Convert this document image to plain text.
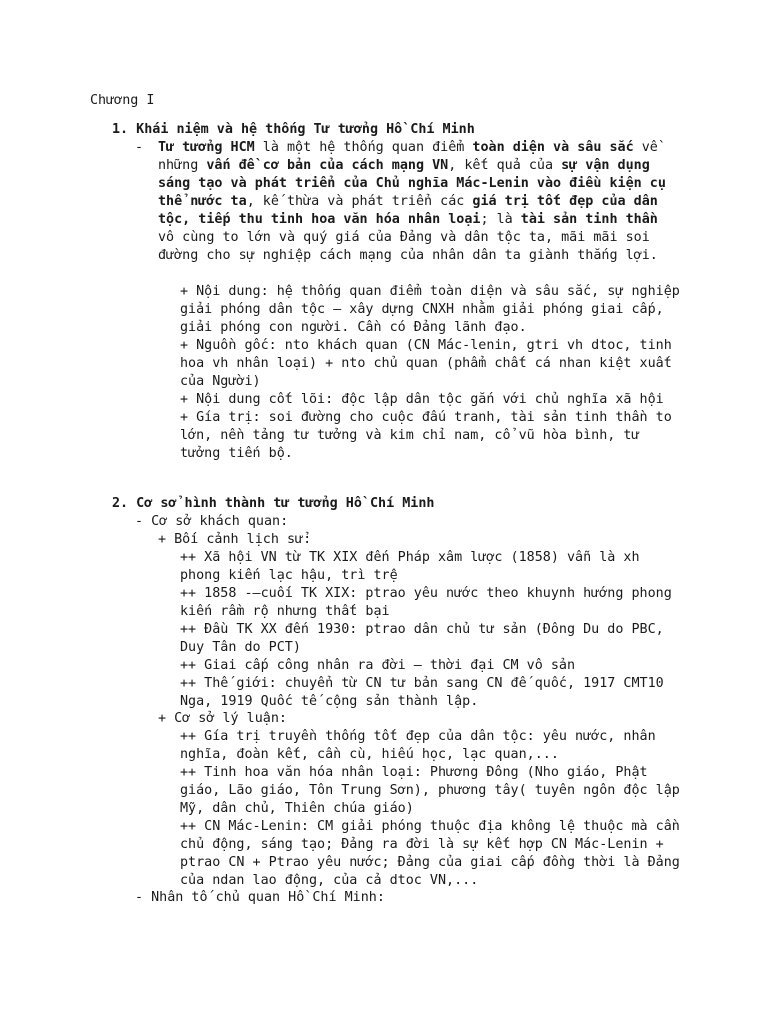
Chương I
1. Khái niệm và hệ thống Tư tưởng Hồ Chí Minh
- Tư tưởng HCM là một hệ thống quan điểm toàn diện và sâu sắc về những vấn đề cơ bản của cách mạng VN, kết quả của sự vận dụng sáng tạo và phát triển của Chủ nghĩa Mác-Lenin vào điều kiện cụ thể nước ta, kế thừa và phát triển các giá trị tốt đẹp của dân tộc, tiếp thu tinh hoa văn hóa nhân loại; là tài sản tinh thần vô cùng to lớn và quý giá của Đảng và dân tộc ta, mãi mãi soi đường cho sự nghiệp cách mạng của nhân dân ta giành thắng lợi.

+ Nội dung: hệ thống quan điểm toàn diện và sâu sắc, sự nghiệp giải phóng dân tộc – xây dựng CNXH nhằm giải phóng giai cấp, giải phóng con người. Cần có Đảng lãnh đạo.

+ Nguồn gốc: nto khách quan (CN Mác-lenin, gtri vh dtoc, tinh hoa vh nhân loại) + nto chủ quan (phẩm chất cá nhan kiệt xuất của Người)

+ Nội dung cốt lõi: độc lập dân tộc gắn với chủ nghĩa xã hội

+ Gía trị: soi đường cho cuộc đấu tranh, tài sản tinh thần to lớn, nền tảng tư tưởng và kim chỉ nam, cổ vũ hòa bình, tư tưởng tiến bộ.

2. Cơ sở hình thành tư tưởng Hồ Chí Minh
- Cơ sở khách quan:
+ Bối cảnh lịch sử:

++ Xã hội VN từ TK XIX đến Pháp xâm lược (1858) vẫn là xh phong kiến lạc hậu, trì trệ

++ 1858 -–cuối TK XIX: ptrao yêu nước theo khuynh hướng phong kiến rầm rộ nhưng thất bại

++ Đầu TK XX đến 1930: ptrao dân chủ tư sản (Đông Du do PBC, Duy Tân do PCT)

++ Giai cấp công nhân ra đời – thời đại CM vô sản

++ Thế giới: chuyển từ CN tư bản sang CN đế quốc, 1917 CMT10 Nga, 1919 Quốc tế cộng sản thành lập.

+ Cơ sở lý luận:

++ Gía trị truyền thống tốt đẹp của dân tộc: yêu nước, nhân nghĩa, đoàn kết, cần cù, hiếu học, lạc quan,...

++ Tinh hoa văn hóa nhân loại: Phương Đông (Nho giáo, Phật giáo, Lão giáo, Tôn Trung Sơn), phương tây( tuyên ngôn độc lập Mỹ, dân chủ, Thiên chúa giáo)

++ CN Mác-Lenin: CM giải phóng thuộc địa không lệ thuộc mà cần chủ động, sáng tạo; Đảng ra đời là sự kết hợp CN Mác-Lenin + ptrao CN + Ptrao yêu nước; Đảng của giai cấp đồng thời là Đảng của ndan lao động, của cả dtoc VN,...

- Nhân tố chủ quan Hồ Chí Minh:
